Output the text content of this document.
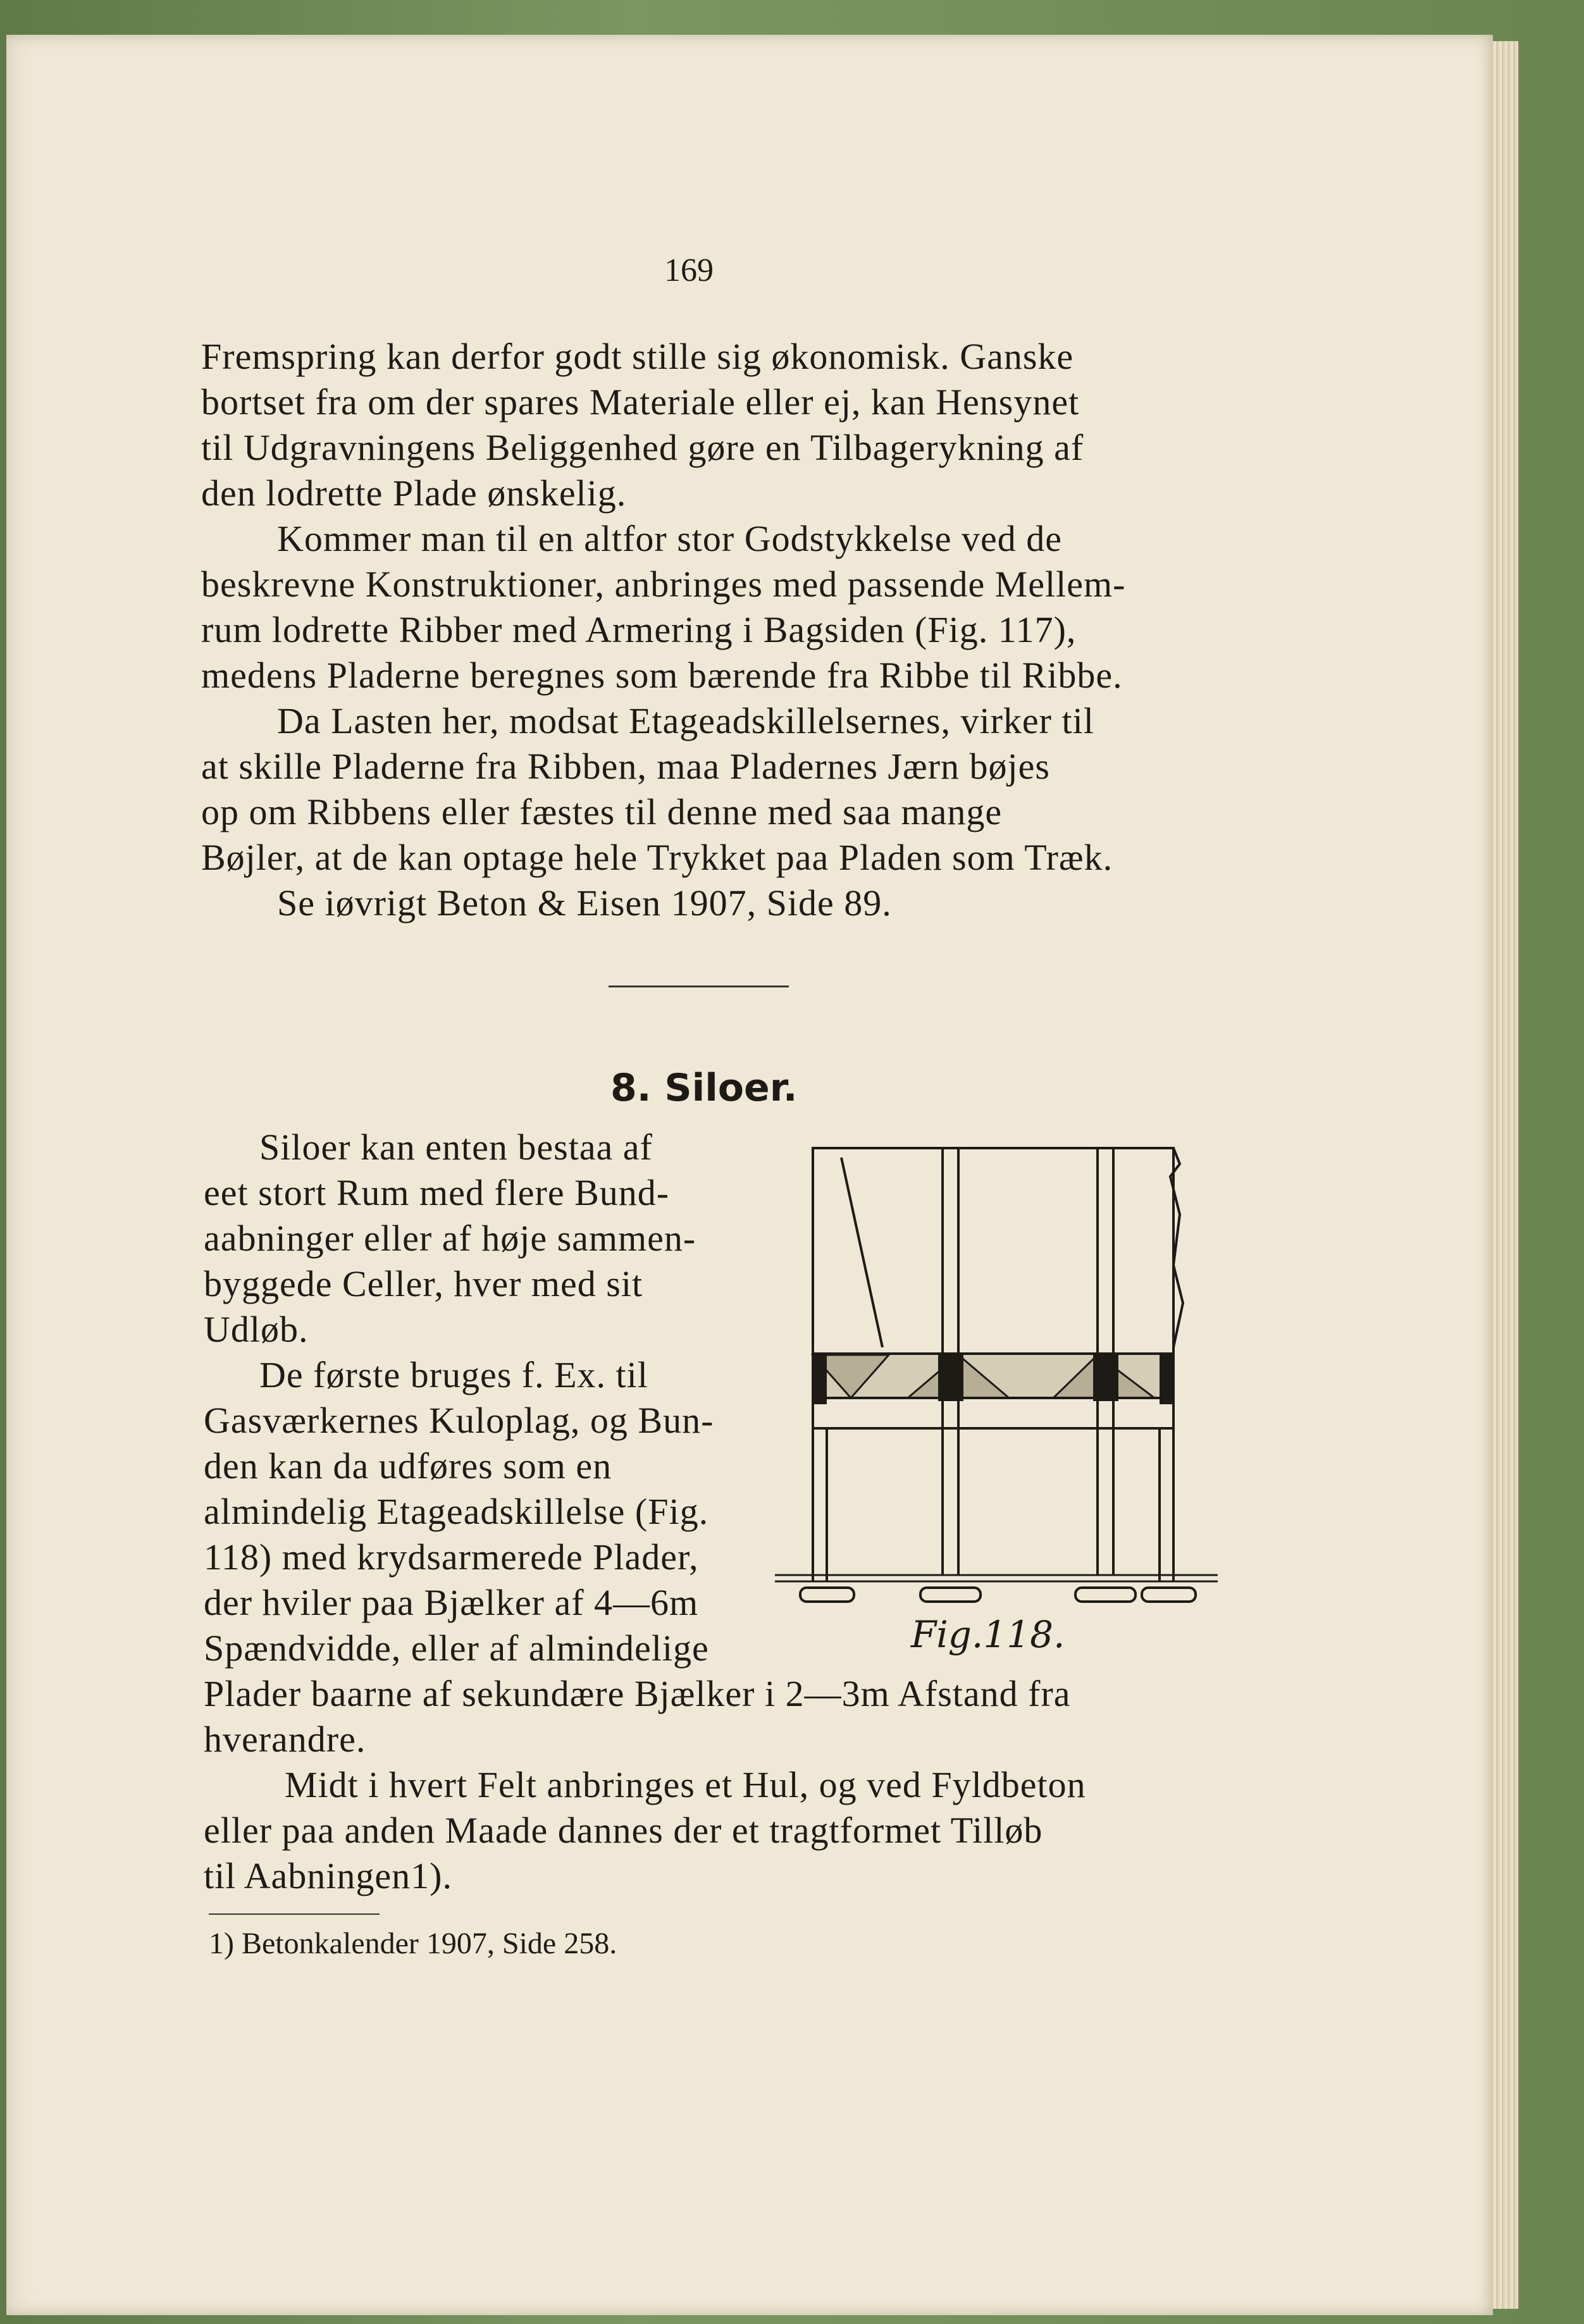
169
Fremspring kan derfor godt stille sig økonomisk. Ganske
bortset fra om der spares Materiale eller ej, kan Hensynet
til Udgravningens Beliggenhed gøre en Tilbagerykning af
den lodrette Plade ønskelig.
Kommer man til en altfor stor Godstykkelse ved de
beskrevne Konstruktioner, anbringes med passende Mellem-
rum lodrette Ribber med Armering i Bagsiden (Fig. 117),
medens Pladerne beregnes som bærende fra Ribbe til Ribbe.
Da Lasten her, modsat Etageadskillelsernes, virker til
at skille Pladerne fra Ribben, maa Pladernes Jærn bøjes
op om Ribbens eller fæstes til denne med saa mange
Bøjler, at de kan optage hele Trykket paa Pladen som Træk.
Se iøvrigt Beton & Eisen 1907, Side 89.
8. Siloer.
Siloer kan enten bestaa af
eet stort Rum med flere Bund-
aabninger eller af høje sammen-
byggede Celler, hver med sit
Udløb.
De første bruges f. Ex. til
Gasværkernes Kuloplag, og Bun-
den kan da udføres som en
almindelig Etageadskillelse (Fig.
118) med krydsarmerede Plader,
der hviler paa Bjælker af 4—6m
Spændvidde, eller af almindelige	Fig.118.
Plader baarne af sekundære Bjælker i 2—3m Afstand fra
hverandre.
Midt i hvert Felt anbringes et Hul, og ved Fyldbeton
eller paa anden Maade dannes der et tragtformet Tilløb
til Aabningen1).
1) Betonkalender 1907, Side 258.
